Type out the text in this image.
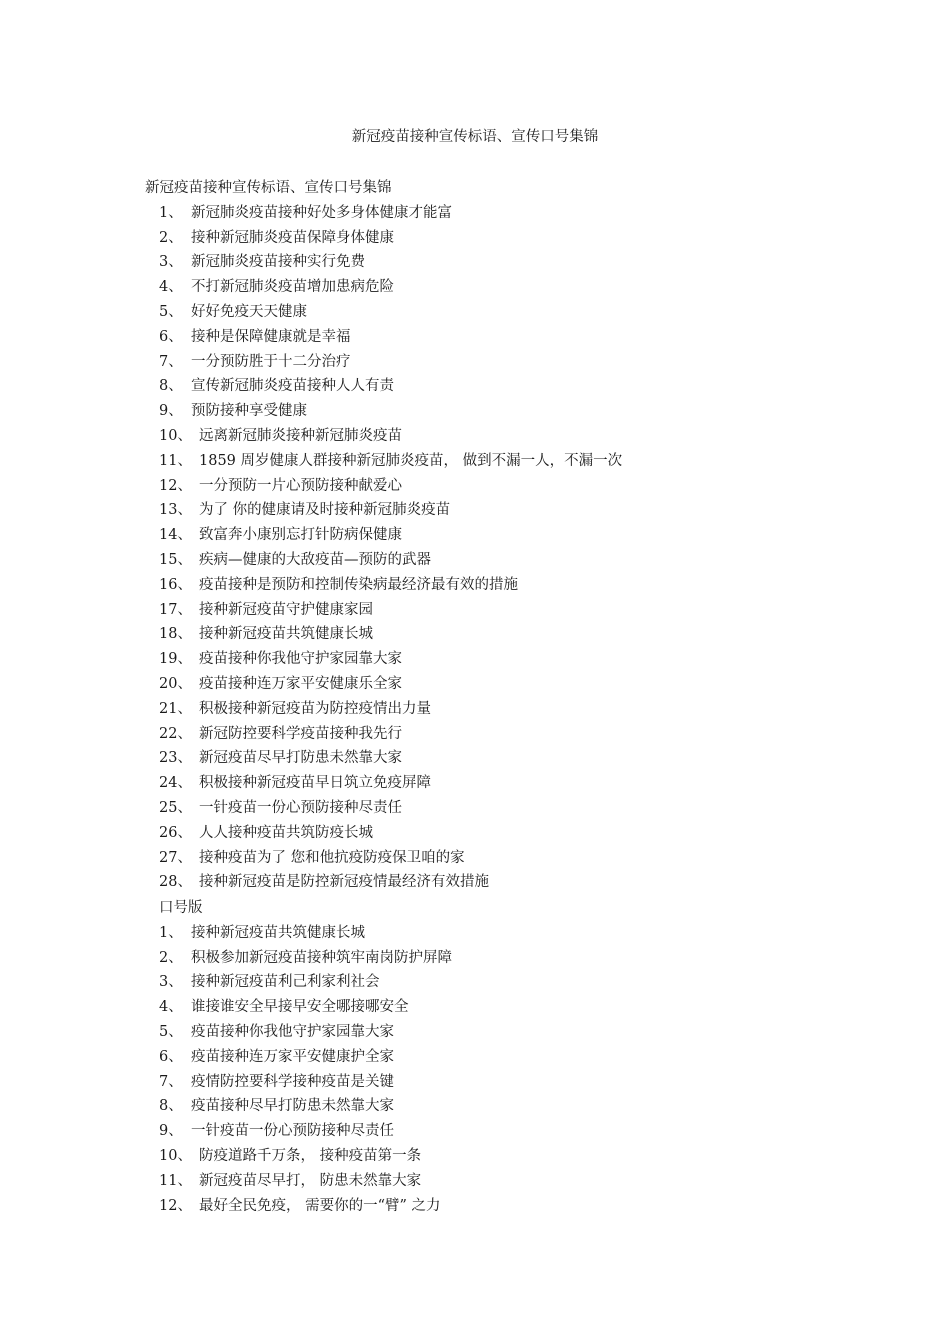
新冠疫苗接种宣传标语、宣传口号集锦
新冠疫苗接种宣传标语、宣传口号集锦
1、 新冠肺炎疫苗接种好处多身体健康才能富
2、 接种新冠肺炎疫苗保障身体健康
3、 新冠肺炎疫苗接种实行免费
4、 不打新冠肺炎疫苗增加患病危险
5、 好好免疫天天健康
6、 接种是保障健康就是幸福
7、 一分预防胜于十二分治疗
8、 宣传新冠肺炎疫苗接种人人有责
9、 预防接种享受健康
10、 远离新冠肺炎接种新冠肺炎疫苗
11、 1859 周岁健康人群接种新冠肺炎疫苗， 做到不漏一人，不漏一次
12、 一分预防一片心预防接种献爱心
13、 为了 你的健康请及时接种新冠肺炎疫苗
14、 致富奔小康别忘打针防病保健康
15、 疾病—健康的大敌疫苗—预防的武器
16、 疫苗接种是预防和控制传染病最经济最有效的措施
17、 接种新冠疫苗守护健康家园
18、 接种新冠疫苗共筑健康长城
19、 疫苗接种你我他守护家园靠大家
20、 疫苗接种连万家平安健康乐全家
21、 积极接种新冠疫苗为防控疫情出力量
22、 新冠防控要科学疫苗接种我先行
23、 新冠疫苗尽早打防患未然靠大家
24、 积极接种新冠疫苗早日筑立免疫屏障
25、 一针疫苗一份心预防接种尽责任
26、 人人接种疫苗共筑防疫长城
27、 接种疫苗为了 您和他抗疫防疫保卫咱的家
28、 接种新冠疫苗是防控新冠疫情最经济有效措施
口号版
1、 接种新冠疫苗共筑健康长城
2、 积极参加新冠疫苗接种筑牢南岗防护屏障
3、 接种新冠疫苗利己利家利社会
4、 谁接谁安全早接早安全哪接哪安全
5、 疫苗接种你我他守护家园靠大家
6、 疫苗接种连万家平安健康护全家
7、 疫情防控要科学接种疫苗是关键
8、 疫苗接种尽早打防患未然靠大家
9、 一针疫苗一份心预防接种尽责任
10、 防疫道路千万条， 接种疫苗第一条
11、 新冠疫苗尽早打， 防患未然靠大家
12、 最好全民免疫， 需要你的一“臂” 之力
